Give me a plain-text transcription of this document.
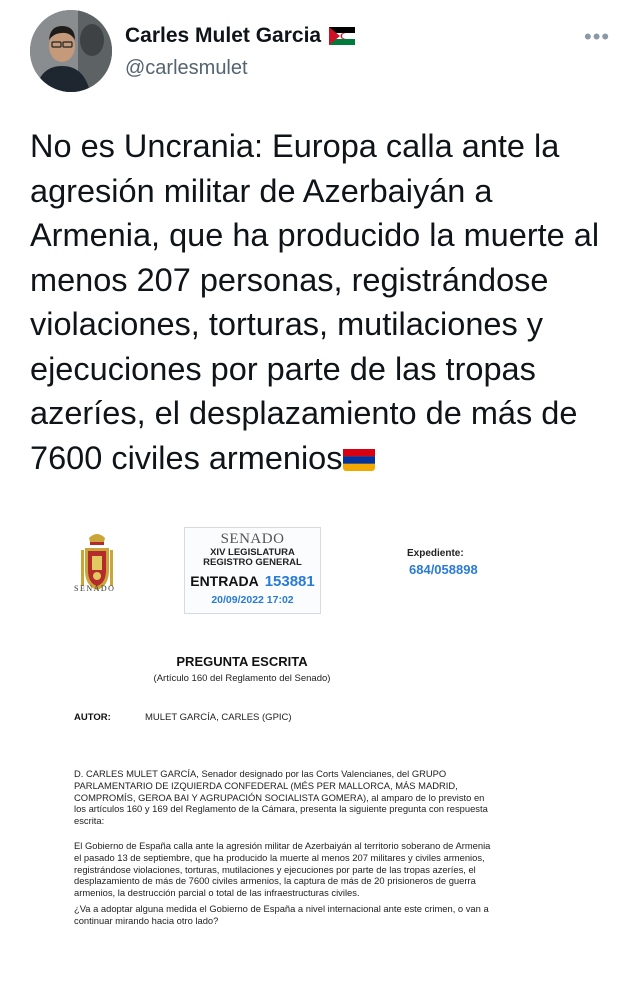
Carles Mulet Garcia
@carlesmulet
•••
No es Uncrania: Europa calla ante la agresión militar de Azerbaiyán a Armenia, que ha producido la muerte al menos 207 personas, registrándose violaciones, torturas, mutilaciones y ejecuciones por parte de las tropas azeríes, el desplazamiento de más de 7600 civiles armenios
SENADO
SENADO
XIV LEGISLATURA
REGISTRO GENERAL
ENTRADA 153881
20/09/2022 17:02
Expediente:
684/058898
PREGUNTA ESCRITA
(Artículo 160 del Reglamento del Senado)
AUTOR:	MULET GARCÍA, CARLES (GPIC)
D. CARLES MULET GARCÍA, Senador designado por las Corts Valencianes, del GRUPO PARLAMENTARIO DE IZQUIERDA CONFEDERAL (MÉS PER MALLORCA, MÁS MADRID, COMPROMÍS, GEROA BAI Y AGRUPACIÓN SOCIALISTA GOMERA), al amparo de lo previsto en los artículos 160 y 169 del Reglamento de la Cámara, presenta la siguiente pregunta con respuesta escrita:
El Gobierno de España calla ante la agresión militar de Azerbaiyán al territorio soberano de Armenia el pasado 13 de septiembre, que ha producido la muerte al menos 207 militares y civiles armenios, registrándose violaciones, torturas, mutilaciones y ejecuciones por parte de las tropas azeríes, el desplazamiento de más de 7600 civiles armenios, la captura de más de 20 prisioneros de guerra armenios, la destrucción parcial o total de las infraestructuras civiles.
¿Va a adoptar alguna medida el Gobierno de España a nivel internacional ante este crimen, o van a continuar mirando hacia otro lado?
